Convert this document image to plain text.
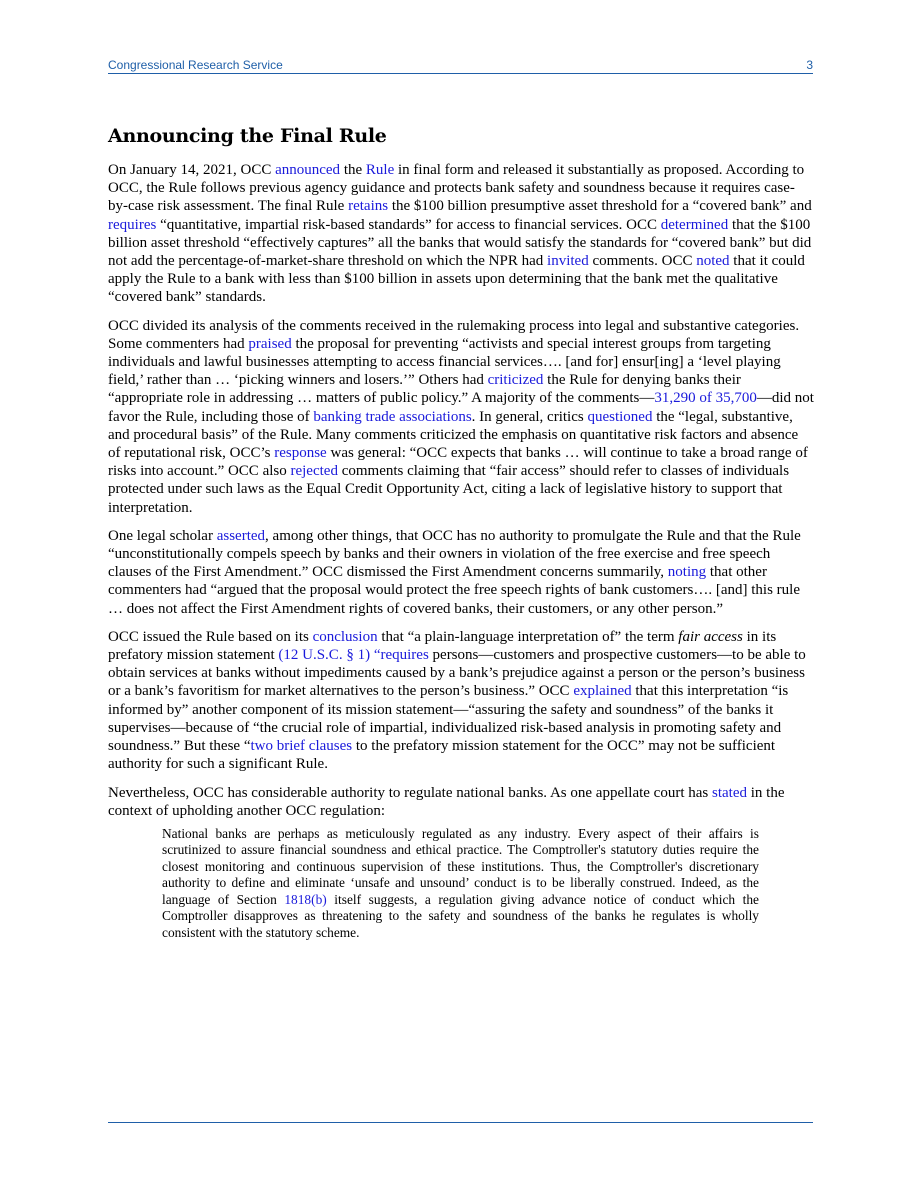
Congressional Research Service	3
Announcing the Final Rule

On January 14, 2021, OCC announced the Rule in final form and released it substantially as proposed. According to OCC, the Rule follows previous agency guidance and protects bank safety and soundness because it requires case-by-case risk assessment. The final Rule retains the $100 billion presumptive asset threshold for a “covered bank” and requires “quantitative, impartial risk-based standards” for access to financial services. OCC determined that the $100 billion asset threshold “effectively captures” all the banks that would satisfy the standards for “covered bank” but did not add the percentage-of-market-share threshold on which the NPR had invited comments. OCC noted that it could apply the Rule to a bank with less than $100 billion in assets upon determining that the bank met the qualitative “covered bank” standards.

OCC divided its analysis of the comments received in the rulemaking process into legal and substantive categories. Some commenters had praised the proposal for preventing “activists and special interest groups from targeting individuals and lawful businesses attempting to access financial services…. [and for] ensur[ing] a ‘level playing field,’ rather than … ‘picking winners and losers.’” Others had criticized the Rule for denying banks their “appropriate role in addressing … matters of public policy.” A majority of the comments—31,290 of 35,700—did not favor the Rule, including those of banking trade associations. In general, critics questioned the “legal, substantive, and procedural basis” of the Rule. Many comments criticized the emphasis on quantitative risk factors and absence of reputational risk, OCC’s response was general: “OCC expects that banks … will continue to take a broad range of risks into account.” OCC also rejected comments claiming that “fair access” should refer to classes of individuals protected under such laws as the Equal Credit Opportunity Act, citing a lack of legislative history to support that interpretation.

One legal scholar asserted, among other things, that OCC has no authority to promulgate the Rule and that the Rule “unconstitutionally compels speech by banks and their owners in violation of the free exercise and free speech clauses of the First Amendment.” OCC dismissed the First Amendment concerns summarily, noting that other commenters had “argued that the proposal would protect the free speech rights of bank customers…. [and] this rule … does not affect the First Amendment rights of covered banks, their customers, or any other person.”

OCC issued the Rule based on its conclusion that “a plain-language interpretation of” the term fair access in its prefatory mission statement (12 U.S.C. § 1) “requires persons—customers and prospective customers—to be able to obtain services at banks without impediments caused by a bank’s prejudice against a person or the person’s business or a bank’s favoritism for market alternatives to the person’s business.” OCC explained that this interpretation “is informed by” another component of its mission statement—“assuring the safety and soundness” of the banks it supervises—because of “the crucial role of impartial, individualized risk-based analysis in promoting safety and soundness.” But these “two brief clauses to the prefatory mission statement for the OCC” may not be sufficient authority for such a significant Rule.

Nevertheless, OCC has considerable authority to regulate national banks. As one appellate court has stated in the context of upholding another OCC regulation:

National banks are perhaps as meticulously regulated as any industry. Every aspect of their affairs is scrutinized to assure financial soundness and ethical practice. The Comptroller's statutory duties require the closest monitoring and continuous supervision of these institutions. Thus, the Comptroller's discretionary authority to define and eliminate ‘unsafe and unsound’ conduct is to be liberally construed. Indeed, as the language of Section 1818(b) itself suggests, a regulation giving advance notice of conduct which the Comptroller disapproves as threatening to the safety and soundness of the banks he regulates is wholly consistent with the statutory scheme.
